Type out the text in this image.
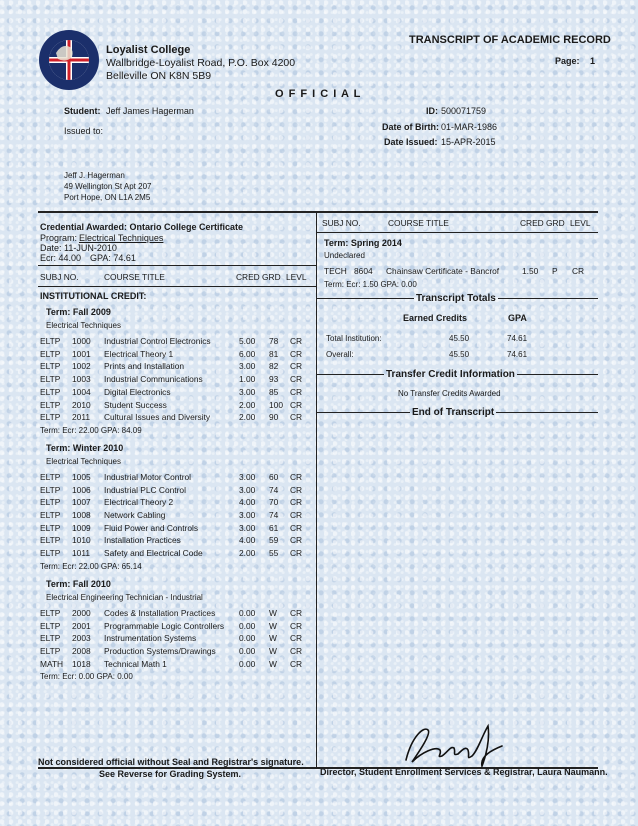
Loyalist College
Wallbridge-Loyalist Road, P.O. Box 4200
Belleville ON K8N 5B9
TRANSCRIPT OF ACADEMIC RECORD
Page: 1
O F F I C I A L
Student: Jeff James Hagerman
Issued to:
ID: 500071759
Date of Birth: 01-MAR-1986
Date Issued: 15-APR-2015
Jeff J. Hagerman
49 Wellington St Apt 207
Port Hope, ON L1A 2M5
Credential Awarded: Ontario College Certificate
Program: Electrical Techniques
Date: 11-JUN-2010
Ecr: 44.00 GPA: 74.61
SUBJ NO.	COURSE TITLE	CRED GRD LEVL
INSTITUTIONAL CREDIT:
SUBJ NO.	COURSE TITLE	CRED GRD LEVL
Term: Spring 2014
Undeclared
TECH 8604 Chainsaw Certificate - Bancrof	1.50 P CR
Term: Ecr: 1.50 GPA: 0.00
Transcript Totals
Earned Credits	GPA
Total Institution:	45.50	74.61
Overall:	45.50	74.61
Transfer Credit Information
No Transfer Credits Awarded
End of Transcript
Not considered official without Seal and Registrar's signature.
See Reverse for Grading System.	Director, Student Enrollment Services & Registrar, Laura Naumann.
Term: Fall 2009
Electrical Techniques
ELTP 1000 Industrial Control Electronics	5.00 78 CR
ELTP 1001 Electrical Theory 1	6.00 81 CR
ELTP 1002 Prints and Installation	3.00 82 CR
ELTP 1003 Industrial Communications	1.00 93 CR
ELTP 1004 Digital Electronics	3.00 85 CR
ELTP 2010 Student Success	2.00 100 CR
ELTP 2011 Cultural Issues and Diversity	2.00 90 CR
Term: Ecr: 22.00 GPA: 84.09
Term: Winter 2010
Electrical Techniques
ELTP 1005 Industrial Motor Control	3.00 60 CR
ELTP 1006 Industrial PLC Control	3.00 74 CR
ELTP 1007 Electrical Theory 2	4.00 70 CR
ELTP 1008 Network Cabling	3.00 74 CR
ELTP 1009 Fluid Power and Controls	3.00 61 CR
ELTP 1010 Installation Practices	4.00 59 CR
ELTP 1011 Safety and Electrical Code	2.00 55 CR
Term: Ecr: 22.00 GPA: 65.14
Term: Fall 2010
Electrical Engineering Technician - Industrial
ELTP 2000 Codes & Installation Practices	0.00 W CR
ELTP 2001 Programmable Logic Controllers 0.00 W CR
ELTP 2003 Instrumentation Systems	0.00 W CR
ELTP 2008 Production Systems/Drawings	0.00 W CR
MATH 1018 Technical Math 1	0.00 W CR
Term: Ecr: 0.00 GPA: 0.00
